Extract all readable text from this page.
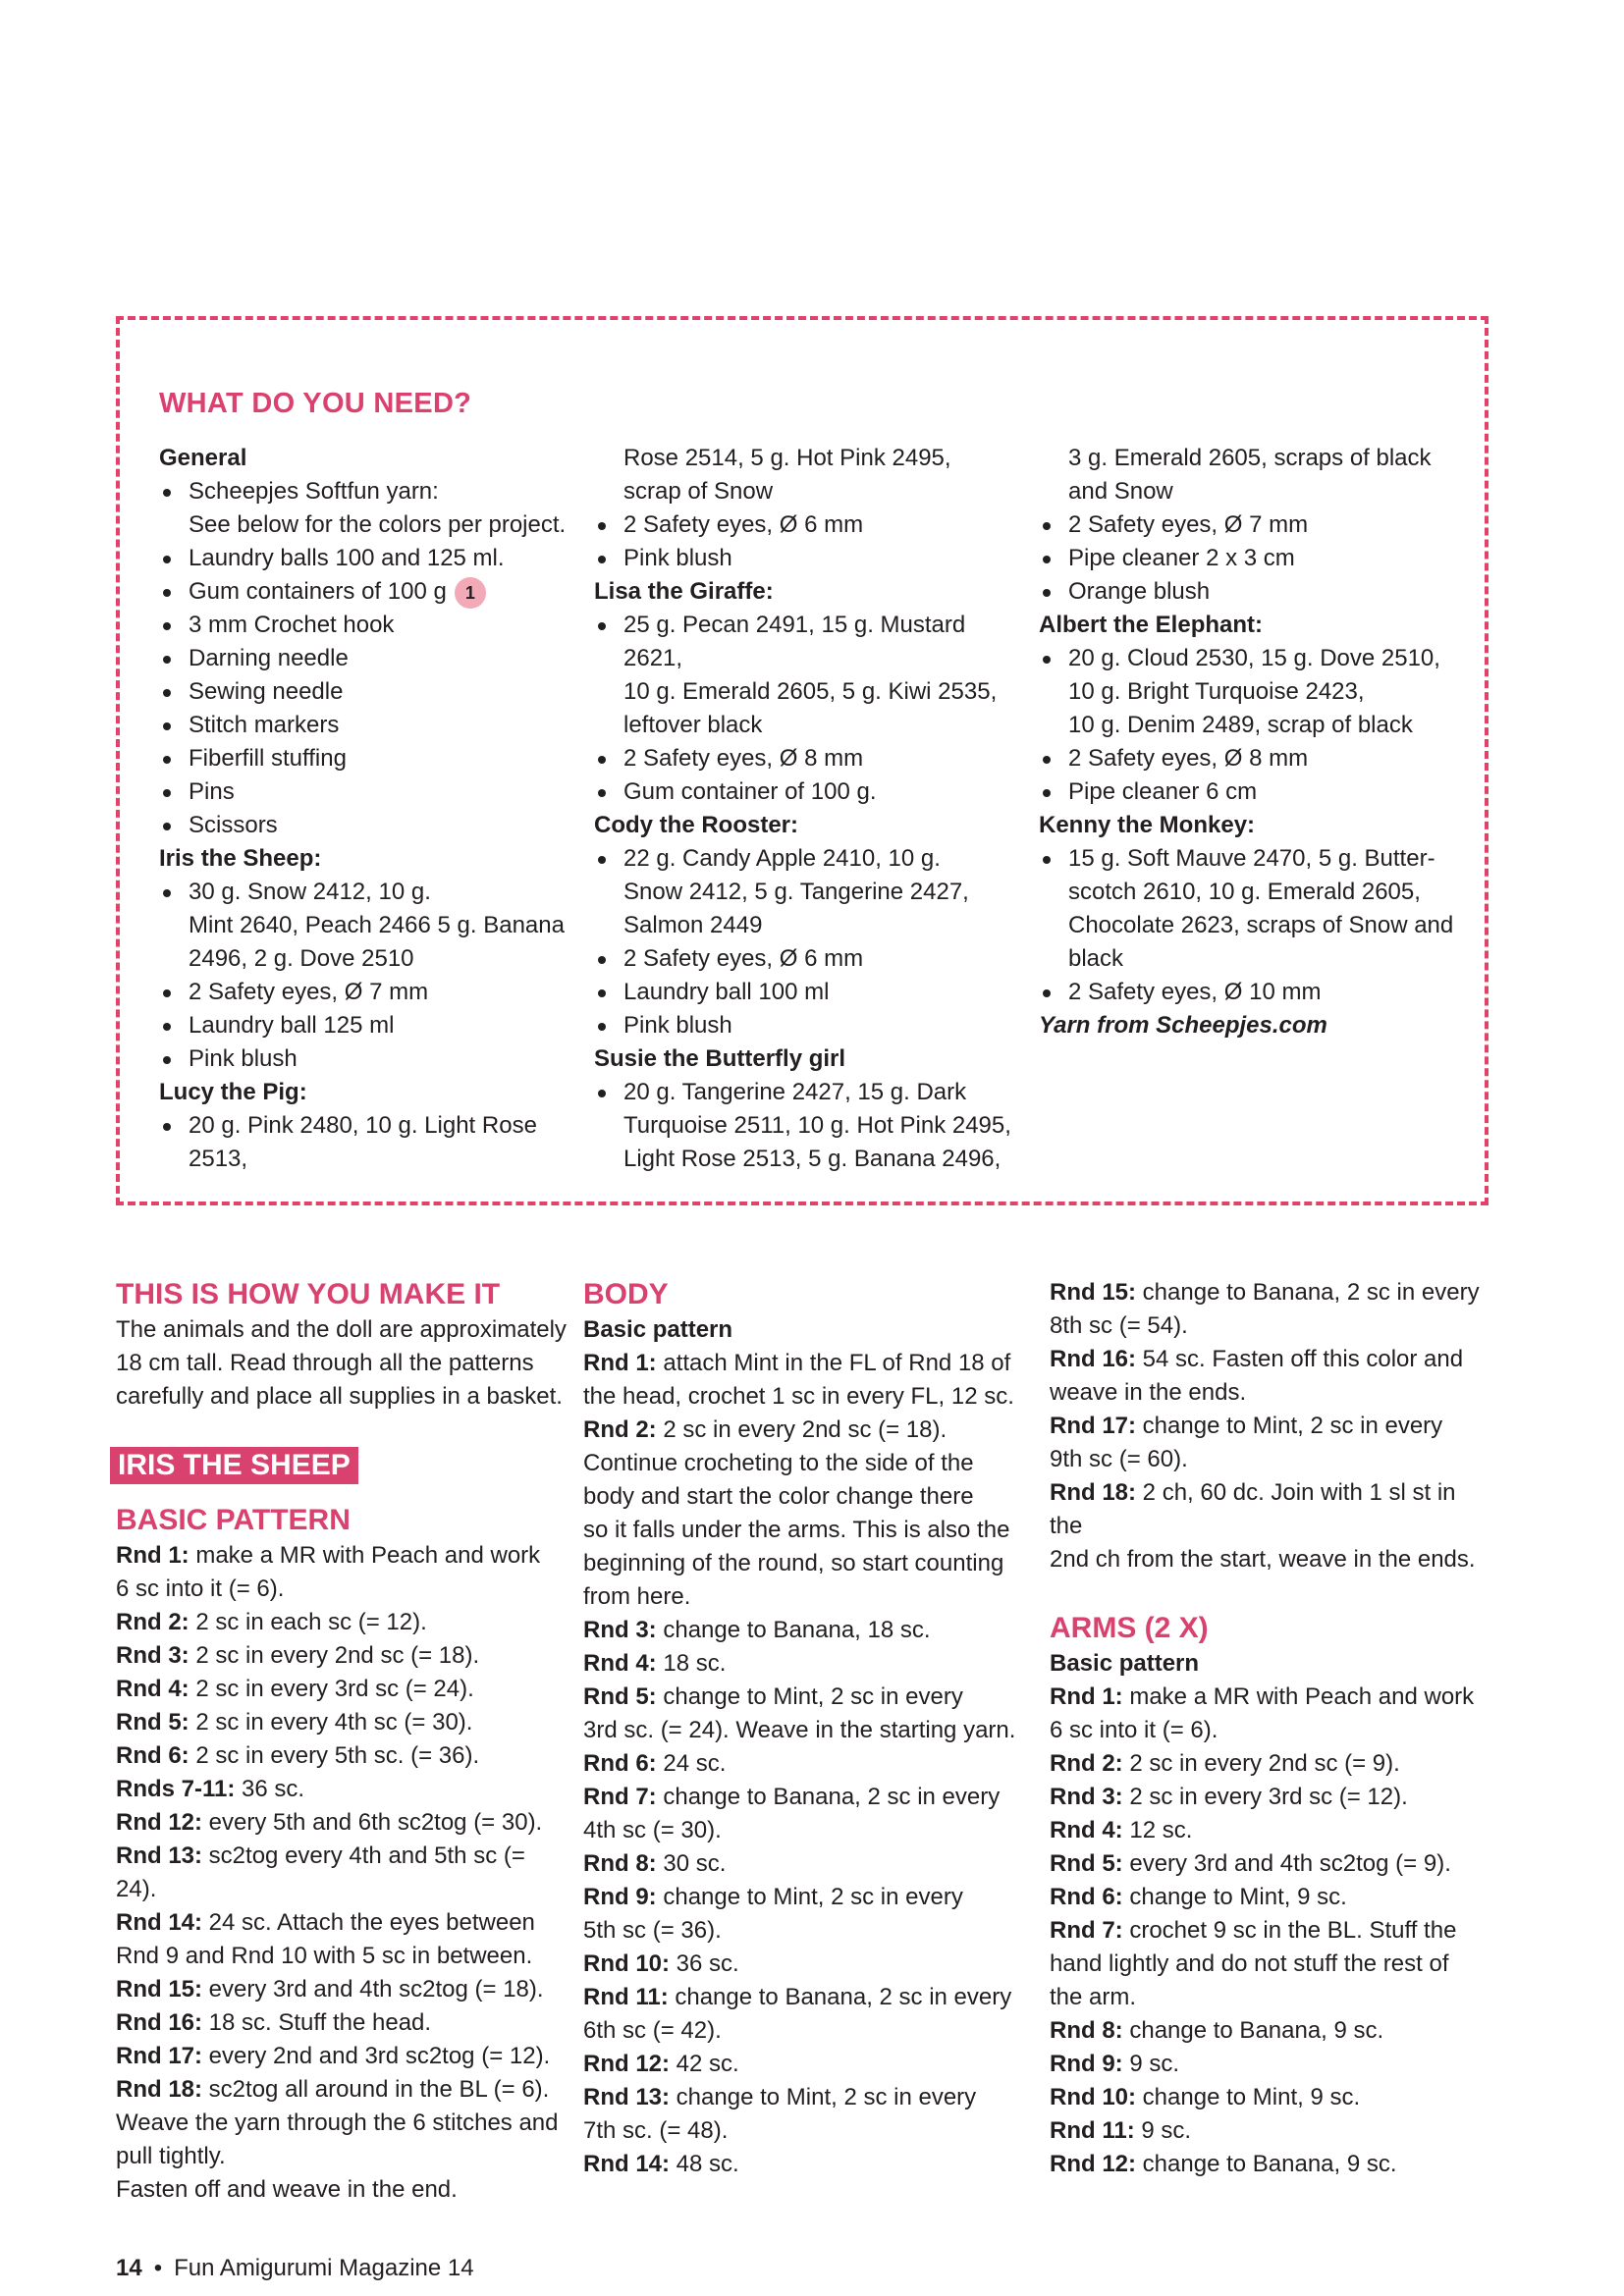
WHAT DO YOU NEED?
General
Scheepjes Softfun yarn:
See below for the colors per project.
Laundry balls 100 and 125 ml.
Gum containers of 100 g 1
3 mm Crochet hook
Darning needle
Sewing needle
Stitch markers
Fiberfill stuffing
Pins
Scissors
Iris the Sheep:
30 g. Snow 2412, 10 g.
Mint 2640, Peach 2466 5 g. Banana
2496, 2 g. Dove 2510
2 Safety eyes, Ø 7 mm
Laundry ball 125 ml
Pink blush
Lucy the Pig:
20 g. Pink 2480, 10 g. Light Rose 2513,
Rose 2514, 5 g. Hot Pink 2495,
scrap of Snow
2 Safety eyes, Ø 6 mm
Pink blush
Lisa the Giraffe:
25 g. Pecan 2491, 15 g. Mustard 2621,
10 g. Emerald 2605, 5 g. Kiwi 2535,
leftover black
2 Safety eyes, Ø 8 mm
Gum container of 100 g.
Cody the Rooster:
22 g. Candy Apple 2410, 10 g.
Snow 2412, 5 g. Tangerine 2427,
Salmon 2449
2 Safety eyes, Ø 6 mm
Laundry ball 100 ml
Pink blush
Susie the Butterfly girl
20 g. Tangerine 2427, 15 g. Dark
Turquoise 2511, 10 g. Hot Pink 2495,
Light Rose 2513, 5 g. Banana 2496,
3 g. Emerald 2605, scraps of black
and Snow
2 Safety eyes, Ø 7 mm
Pipe cleaner 2 x 3 cm
Orange blush
Albert the Elephant:
20 g. Cloud 2530, 15 g. Dove 2510,
10 g. Bright Turquoise 2423,
10 g. Denim 2489, scrap of black
2 Safety eyes, Ø 8 mm
Pipe cleaner 6 cm
Kenny the Monkey:
15 g. Soft Mauve 2470, 5 g. Butter-
scotch 2610, 10 g. Emerald 2605,
Chocolate 2623, scraps of Snow and
black
2 Safety eyes, Ø 10 mm
Yarn from Scheepjes.com
THIS IS HOW YOU MAKE IT

The animals and the doll are approximately

18 cm tall. Read through all the patterns

carefully and place all supplies in a basket.

IRIS THE SHEEP
BASIC PATTERN

Rnd 1: make a MR with Peach and work

6 sc into it (= 6).

Rnd 2: 2 sc in each sc (= 12).

Rnd 3: 2 sc in every 2nd sc (= 18).

Rnd 4: 2 sc in every 3rd sc (= 24).

Rnd 5: 2 sc in every 4th sc (= 30).

Rnd 6: 2 sc in every 5th sc. (= 36).

Rnds 7-11: 36 sc.

Rnd 12: every 5th and 6th sc2tog (= 30).

Rnd 13: sc2tog every 4th and 5th sc (= 24).

Rnd 14: 24 sc. Attach the eyes between

Rnd 9 and Rnd 10 with 5 sc in between.

Rnd 15: every 3rd and 4th sc2tog (= 18).

Rnd 16: 18 sc. Stuff the head.

Rnd 17: every 2nd and 3rd sc2tog (= 12).

Rnd 18: sc2tog all around in the BL (= 6).

Weave the yarn through the 6 stitches and

pull tightly.

Fasten off and weave in the end.

BODY
Basic pattern

Rnd 1: attach Mint in the FL of Rnd 18 of

the head, crochet 1 sc in every FL, 12 sc.

Rnd 2: 2 sc in every 2nd sc (= 18).

Continue crocheting to the side of the

body and start the color change there

so it falls under the arms. This is also the

beginning of the round, so start counting

from here.

Rnd 3: change to Banana, 18 sc.

Rnd 4: 18 sc.

Rnd 5: change to Mint, 2 sc in every

3rd sc. (= 24). Weave in the starting yarn.

Rnd 6: 24 sc.

Rnd 7: change to Banana, 2 sc in every

4th sc (= 30).

Rnd 8: 30 sc.

Rnd 9: change to Mint, 2 sc in every

5th sc (= 36).

Rnd 10: 36 sc.

Rnd 11: change to Banana, 2 sc in every

6th sc (= 42).

Rnd 12: 42 sc.

Rnd 13: change to Mint, 2 sc in every

7th sc. (= 48).

Rnd 14: 48 sc.

Rnd 15: change to Banana, 2 sc in every

8th sc (= 54).

Rnd 16: 54 sc. Fasten off this color and

weave in the ends.

Rnd 17: change to Mint, 2 sc in every

9th sc (= 60).

Rnd 18: 2 ch, 60 dc. Join with 1 sl st in the

2nd ch from the start, weave in the ends.

ARMS (2 X)
Basic pattern

Rnd 1: make a MR with Peach and work

6 sc into it (= 6).

Rnd 2: 2 sc in every 2nd sc (= 9).

Rnd 3: 2 sc in every 3rd sc (= 12).

Rnd 4: 12 sc.

Rnd 5: every 3rd and 4th sc2tog (= 9).

Rnd 6: change to Mint, 9 sc.

Rnd 7: crochet 9 sc in the BL. Stuff the

hand lightly and do not stuff the rest of

the arm.

Rnd 8: change to Banana, 9 sc.

Rnd 9: 9 sc.

Rnd 10: change to Mint, 9 sc.

Rnd 11: 9 sc.

Rnd 12: change to Banana, 9 sc.

14 • Fun Amigurumi Magazine 14
